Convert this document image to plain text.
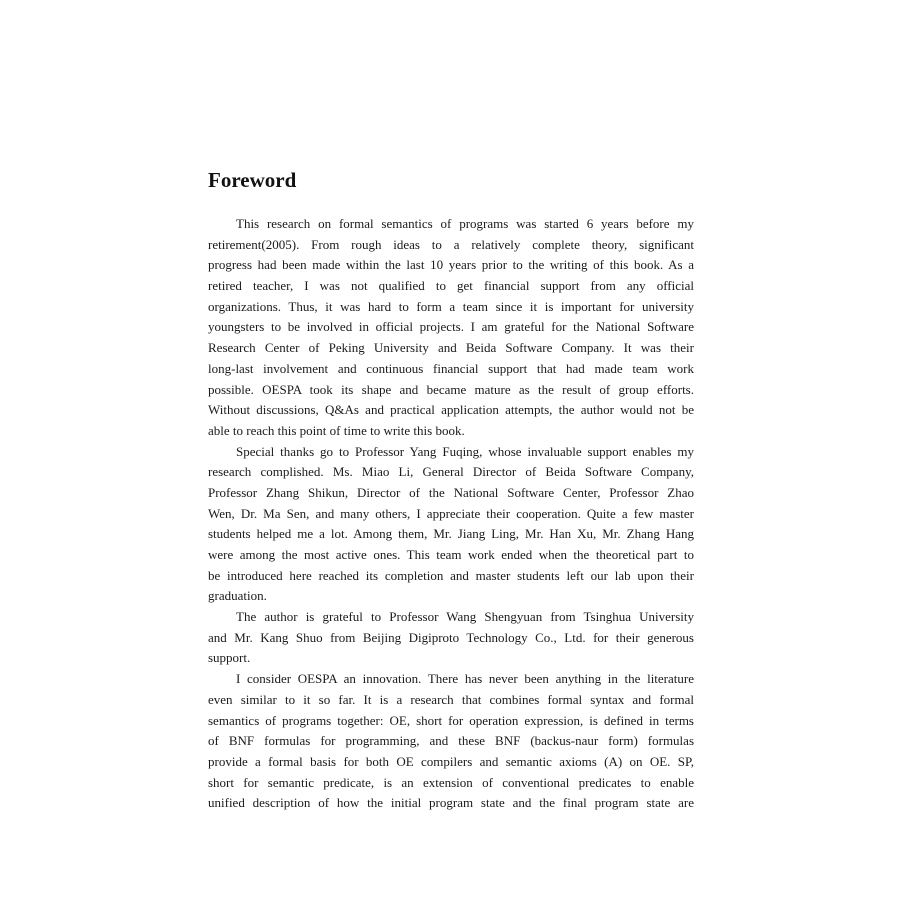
Foreword
This research on formal semantics of programs was started 6 years before my
retirement(2005). From rough ideas to a relatively complete theory, significant
progress had been made within the last 10 years prior to the writing of this book. As a
retired teacher, I was not qualified to get financial support from any official
organizations. Thus, it was hard to form a team since it is important for university
youngsters to be involved in official projects. I am grateful for the National Software
Research Center of Peking University and Beida Software Company. It was their
long-last involvement and continuous financial support that had made team work
possible. OESPA took its shape and became mature as the result of group efforts.
Without discussions, Q&As and practical application attempts, the author would not be
able to reach this point of time to write this book.
Special thanks go to Professor Yang Fuqing, whose invaluable support enables my
research complished. Ms. Miao Li, General Director of Beida Software Company,
Professor Zhang Shikun, Director of the National Software Center, Professor Zhao
Wen, Dr. Ma Sen, and many others, I appreciate their cooperation. Quite a few master
students helped me a lot. Among them, Mr. Jiang Ling, Mr. Han Xu, Mr. Zhang Hang
were among the most active ones. This team work ended when the theoretical part to
be introduced here reached its completion and master students left our lab upon their
graduation.
The author is grateful to Professor Wang Shengyuan from Tsinghua University
and Mr. Kang Shuo from Beijing Digiproto Technology Co., Ltd. for their generous
support.
I consider OESPA an innovation. There has never been anything in the literature
even similar to it so far. It is a research that combines formal syntax and formal
semantics of programs together: OE, short for operation expression, is defined in terms
of BNF formulas for programming, and these BNF (backus-naur form) formulas
provide a formal basis for both OE compilers and semantic axioms (A) on OE. SP,
short for semantic predicate, is an extension of conventional predicates to enable
unified description of how the initial program state and the final program state are
